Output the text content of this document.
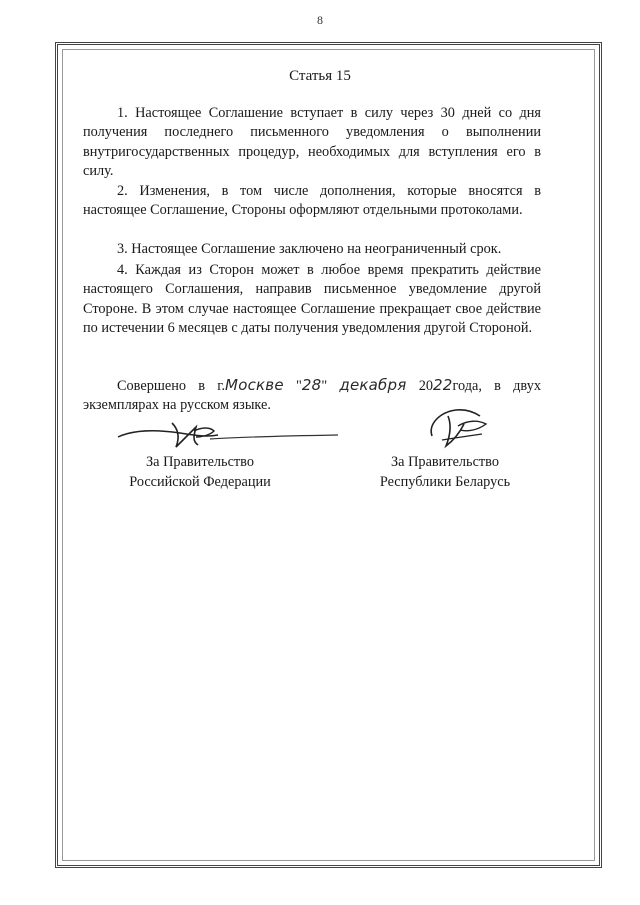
8
Статья 15

1. Настоящее Соглашение вступает в силу через 30 дней со дня получения последнего письменного уведомления о выполнении внутригосударственных процедур, необходимых для вступления его в силу.

2. Изменения, в том числе дополнения, которые вносятся в настоящее Соглашение, Стороны оформляют отдельными протоколами.

3. Настоящее Соглашение заключено на неограниченный срок.

4. Каждая из Сторон может в любое время прекратить действие настоящего Соглашения, направив письменное уведомление другой Стороне. В этом случае настоящее Соглашение прекращает свое действие по истечении 6 месяцев с даты получения уведомления другой Стороной.

Совершено в г.Москве "28" декабря 2022года, в двух экземплярах на русском языке.

За Правительство
Российской Федерации
За Правительство
Республики Беларусь
